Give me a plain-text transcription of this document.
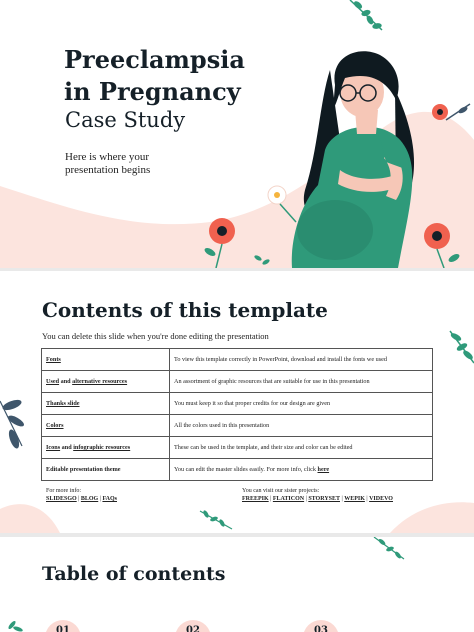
Preeclampsia
in Pregnancy
Case Study
Here is where your
presentation begins
Contents of this template
You can delete this slide when you're done editing the presentation
Fonts	To view this template correctly in PowerPoint, download and install the fonts we used
Used and alternative resources	An assortment of graphic resources that are suitable for use in this presentation
Thanks slide	You must keep it so that proper credits for our design are given
Colors	All the colors used in this presentation
Icons and infographic resources	These can be used in the template, and their size and color can be edited
Editable presentation theme	You can edit the master slides easily. For more info, click here
For more info:
SLIDESGO | BLOG | FAQs
You can visit our sister projects:
FREEPIK | FLATICON | STORYSET | WEPIK | VIDEVO
Table of contents
01	02	03
